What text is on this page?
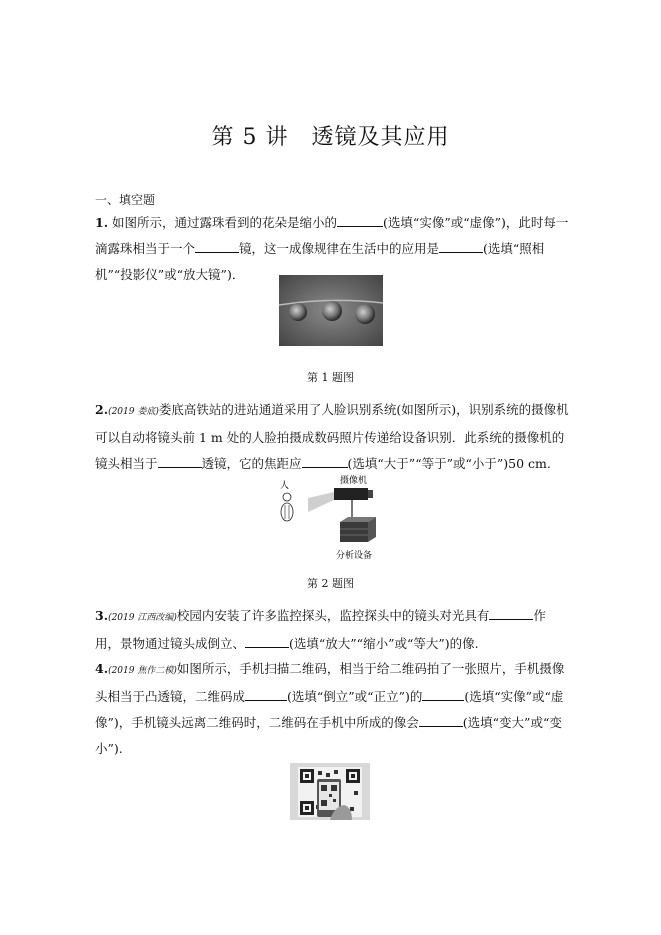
第 5 讲　透镜及其应用
一、填空题
1. 如图所示，通过露珠看到的花朵是缩小的	(选填“实像”或“虚像”)，此时每一滴露珠相当于一个	镜，这一成像规律在生活中的应用是	(选填“照相机”“投影仪”或“放大镜”)．
第 1 题图
2.(2019 娄底)娄底高铁站的进站通道采用了人脸识别系统(如图所示)，识别系统的摄像机可以自动将镜头前 1 m 处的人脸拍摄成数码照片传递给设备识别．此系统的摄像机的镜头相当于	透镜，它的焦距应	(选填“大于”“等于”或“小于”)50 cm.
人	摄像机
分析设备
第 2 题图
3.(2019 江西改编)校园内安装了许多监控探头，监控探头中的镜头对光具有	作用，景物通过镜头成倒立、	(选填“放大”“缩小”或“等大”)的像.
4.(2019 焦作二模)如图所示，手机扫描二维码，相当于给二维码拍了一张照片，手机摄像头相当于凸透镜，二维码成	(选填“倒立”或“正立”)的	(选填“实像”或“虚像”)，手机镜头远离二维码时，二维码在手机中所成的像会	(选填“变大”或“变小”).
